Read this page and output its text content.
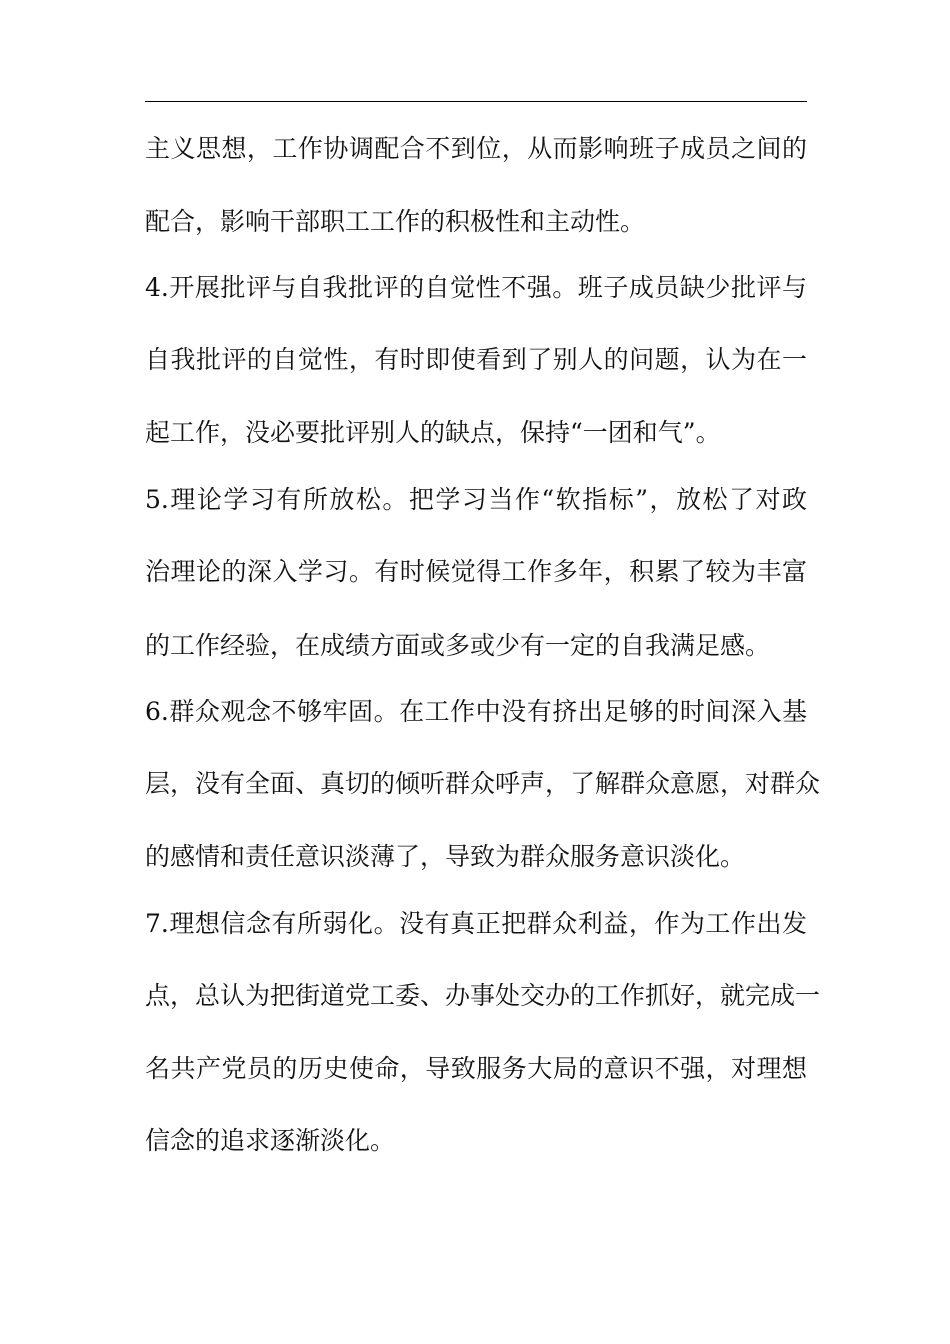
主义思想，工作协调配合不到位，从而影响班子成员之间的

配合，影响干部职工工作的积极性和主动性。

4.开展批评与自我批评的自觉性不强。班子成员缺少批评与

自我批评的自觉性，有时即使看到了别人的问题，认为在一

起工作，没必要批评别人的缺点，保持“一团和气”。

5.理论学习有所放松。把学习当作“软指标”，放松了对政

治理论的深入学习。有时候觉得工作多年，积累了较为丰富

的工作经验，在成绩方面或多或少有一定的自我满足感。

6.群众观念不够牢固。在工作中没有挤出足够的时间深入基

层，没有全面、真切的倾听群众呼声，了解群众意愿，对群众

的感情和责任意识淡薄了，导致为群众服务意识淡化。

7.理想信念有所弱化。没有真正把群众利益，作为工作出发

点，总认为把街道党工委、办事处交办的工作抓好，就完成一

名共产党员的历史使命，导致服务大局的意识不强，对理想

信念的追求逐渐淡化。
